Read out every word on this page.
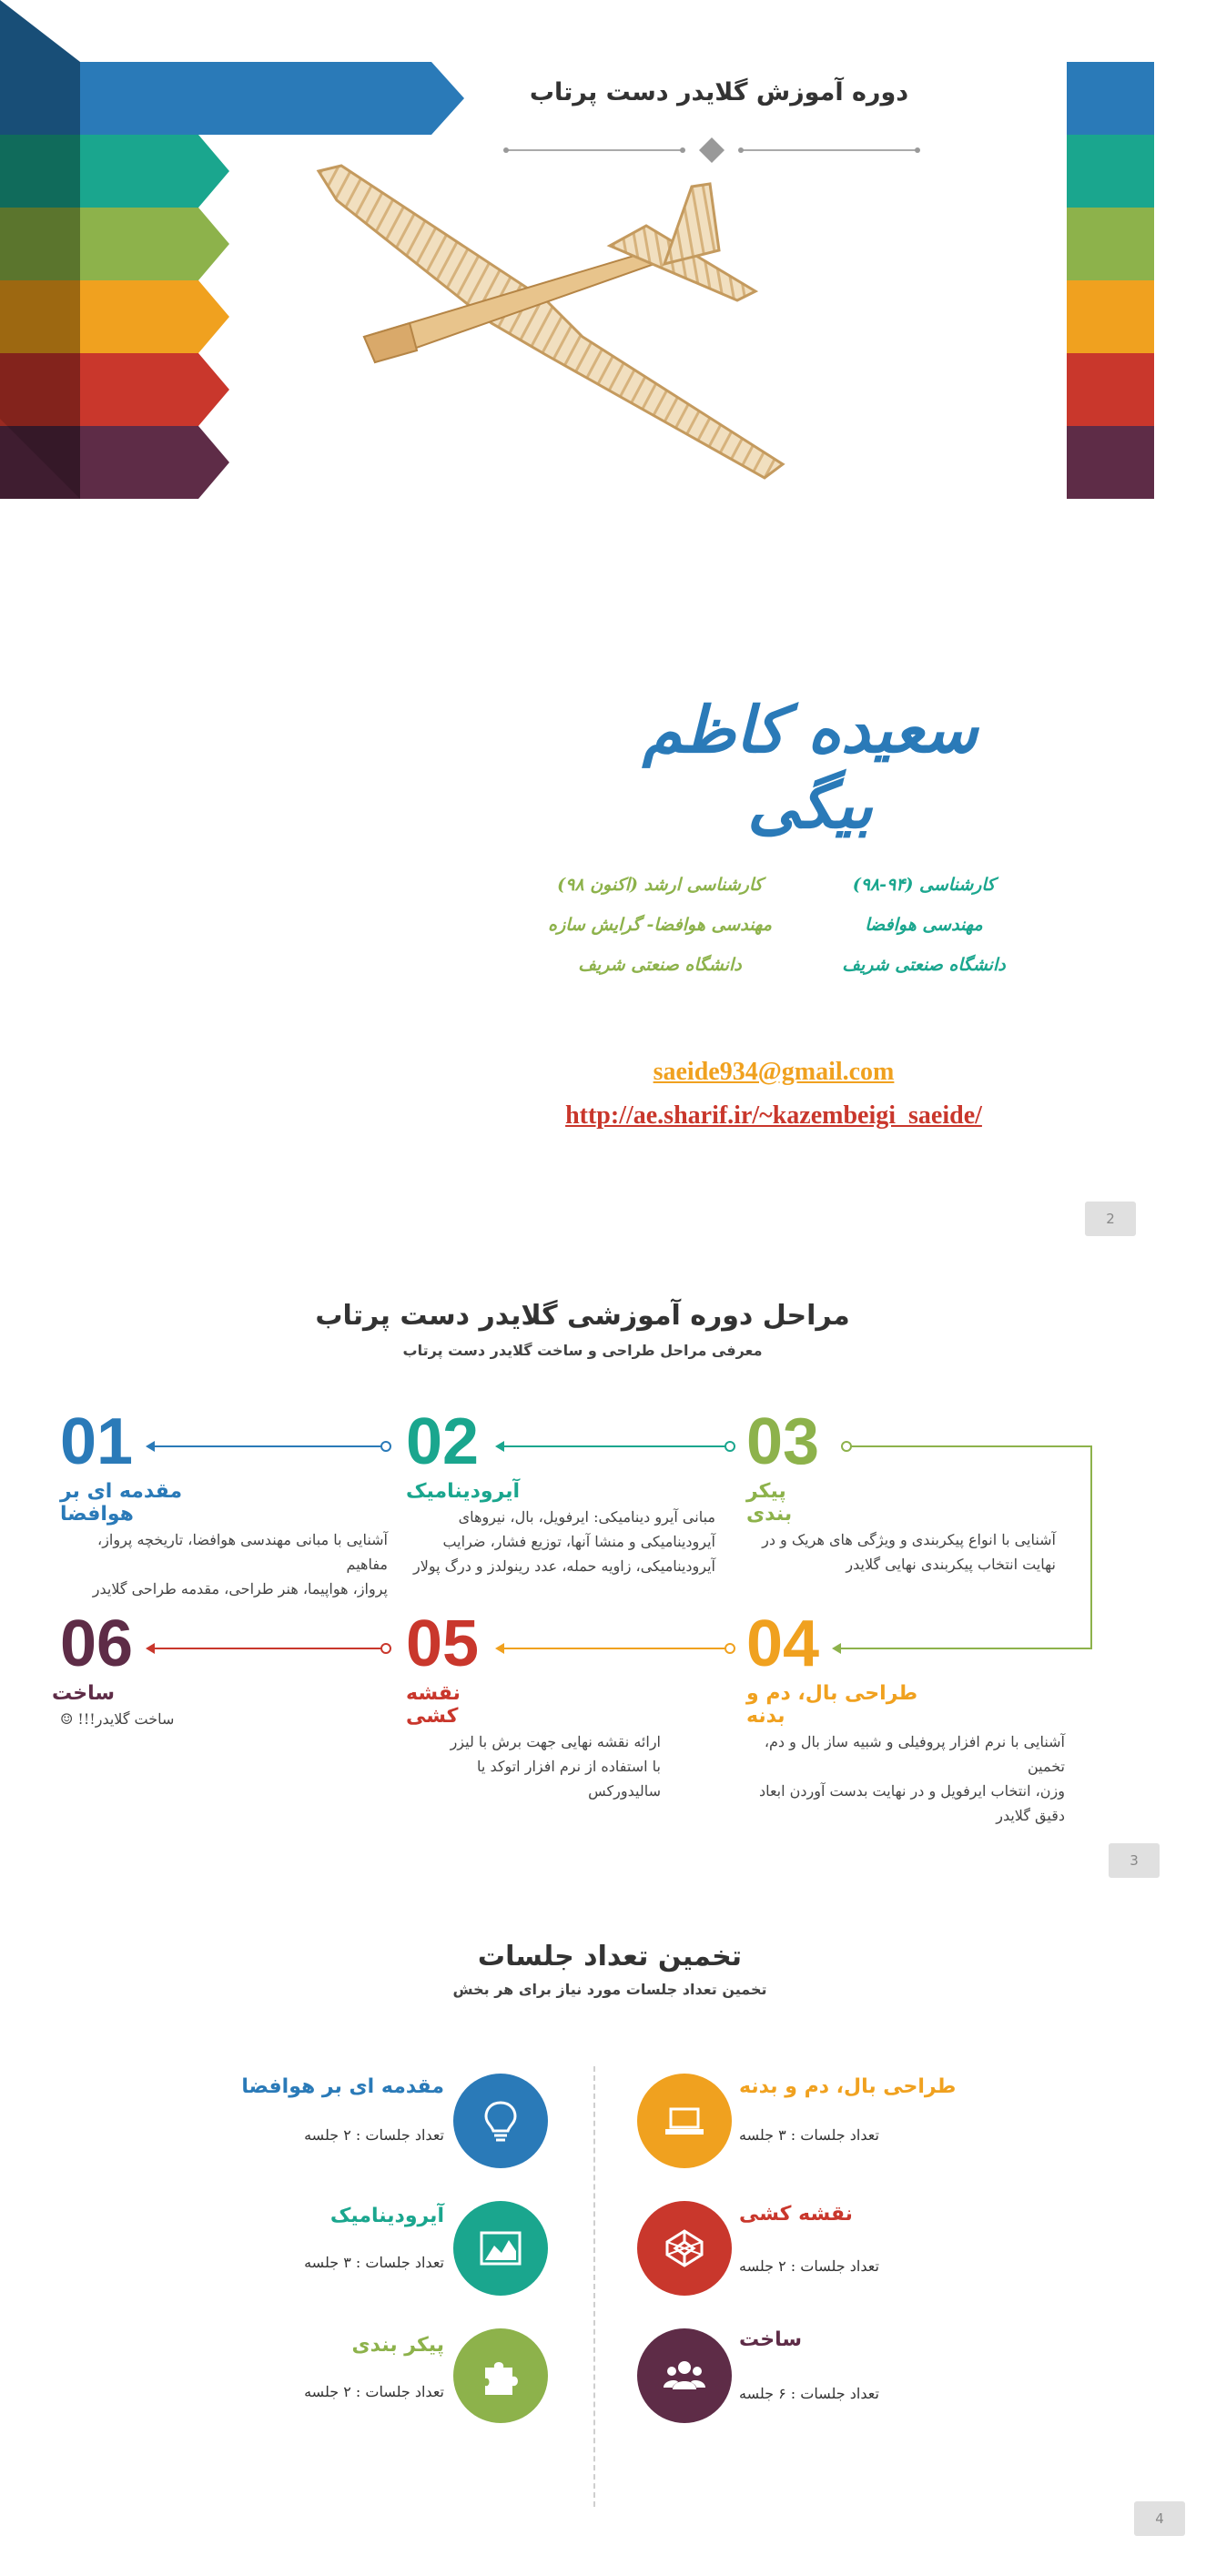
دوره آموزش گلایدر دست پرتاب
سعیده کاظم بیگی
کارشناسی ارشد (اکنون ۹۸)
مهندسی هوافضا- گرایش سازه
دانشگاه صنعتی شریف
کارشناسی (۹۴-۹۸)
مهندسی هوافضا
دانشگاه صنعتی شریف
saeide934@gmail.com
http://ae.sharif.ir/~kazembeigi_saeide/
2
مراحل دوره آموزشی گلایدر دست پرتاب
معرفی مراحل طراحی و ساخت گلایدر دست پرتاب
01
مقدمه ای بر هوافضا
آشنایی با مبانی مهندسی هوافضا، تاریخچه پرواز، مفاهیم
پرواز، هواپیما، هنر طراحی، مقدمه طراحی گلایدر
02
آیرودینامیک
مبانی آیرو دینامیکی: ایرفویل، بال، نیروهای
آیرودینامیکی و منشا آنها، توزیع فشار، ضرایب
آیرودینامیکی، زاویه حمله، عدد رینولدز و درگ پولار
03
پیکر بندی
آشنایی با انواع پیکربندی و ویژگی های هریک و در
نهایت انتخاب پیکربندی نهایی گلایدر
06
ساخت
ساخت گلایدر!!! ☺
05
نقشه کشی
ارائه نقشه نهایی جهت برش با لیزر
با استفاده از نرم افزار اتوکد یا سالیدورکس
04
طراحی بال، دم و بدنه
آشنایی با نرم افزار پروفیلی و شبیه ساز بال و دم، تخمین
وزن، انتخاب ایرفویل و در نهایت بدست آوردن ابعاد
دقیق گلایدر
3
تخمین تعداد جلسات
تخمین تعداد جلسات مورد نیاز برای هر بخش
مقدمه ای بر هوافضا
تعداد جلسات : ۲ جلسه
آیرودینامیک
تعداد جلسات : ۳ جلسه
پیکر بندی
تعداد جلسات : ۲ جلسه
طراحی بال، دم و بدنه
تعداد جلسات : ۳ جلسه
نقشه کشی
تعداد جلسات : ۲ جلسه
ساخت
تعداد جلسات : ۶ جلسه
4
